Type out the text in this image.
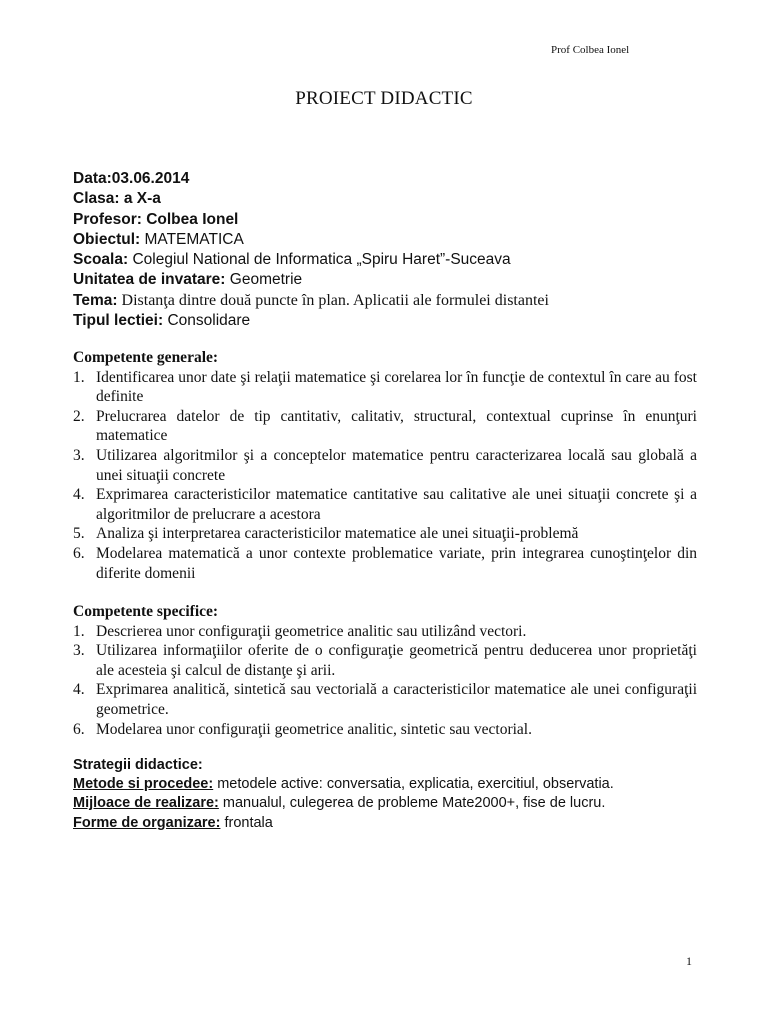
Prof Colbea Ionel
PROIECT DIDACTIC
Data:03.06.2014
Clasa: a X-a
Profesor: Colbea Ionel
Obiectul: MATEMATICA
Scoala: Colegiul National de Informatica „Spiru Haret”-Suceava
Unitatea de invatare: Geometrie
Tema: Distanţa dintre două puncte în plan. Aplicatii ale formulei distantei
Tipul lectiei: Consolidare
Competente generale:
1. Identificarea unor date şi relaţii matematice şi corelarea lor în funcţie de contextul în care au fost definite
2. Prelucrarea datelor de tip cantitativ, calitativ, structural, contextual cuprinse în enunţuri matematice
3. Utilizarea algoritmilor şi a conceptelor matematice pentru caracterizarea locală sau globală a unei situaţii concrete
4. Exprimarea caracteristicilor matematice cantitative sau calitative ale unei situaţii concrete şi a algoritmilor de prelucrare a acestora
5. Analiza şi interpretarea caracteristicilor matematice ale unei situaţii-problemă
6. Modelarea matematică a unor contexte problematice variate, prin integrarea cunoştinţelor din diferite domenii
Competente specifice:
1. Descrierea unor configuraţii geometrice analitic sau utilizând vectori.
3. Utilizarea informaţiilor oferite de o configuraţie geometrică pentru deducerea unor proprietăţi ale acesteia şi calcul de distanţe şi arii.
4. Exprimarea analitică, sintetică sau vectorială a caracteristicilor matematice ale unei configuraţii geometrice.
6. Modelarea unor configuraţii geometrice analitic, sintetic sau vectorial.
Strategii didactice:
Metode si procedee: metodele active: conversatia, explicatia, exercitiul, observatia.
Mijloace de realizare: manualul, culegerea de probleme Mate2000+, fise de lucru.
Forme de organizare: frontala
1
